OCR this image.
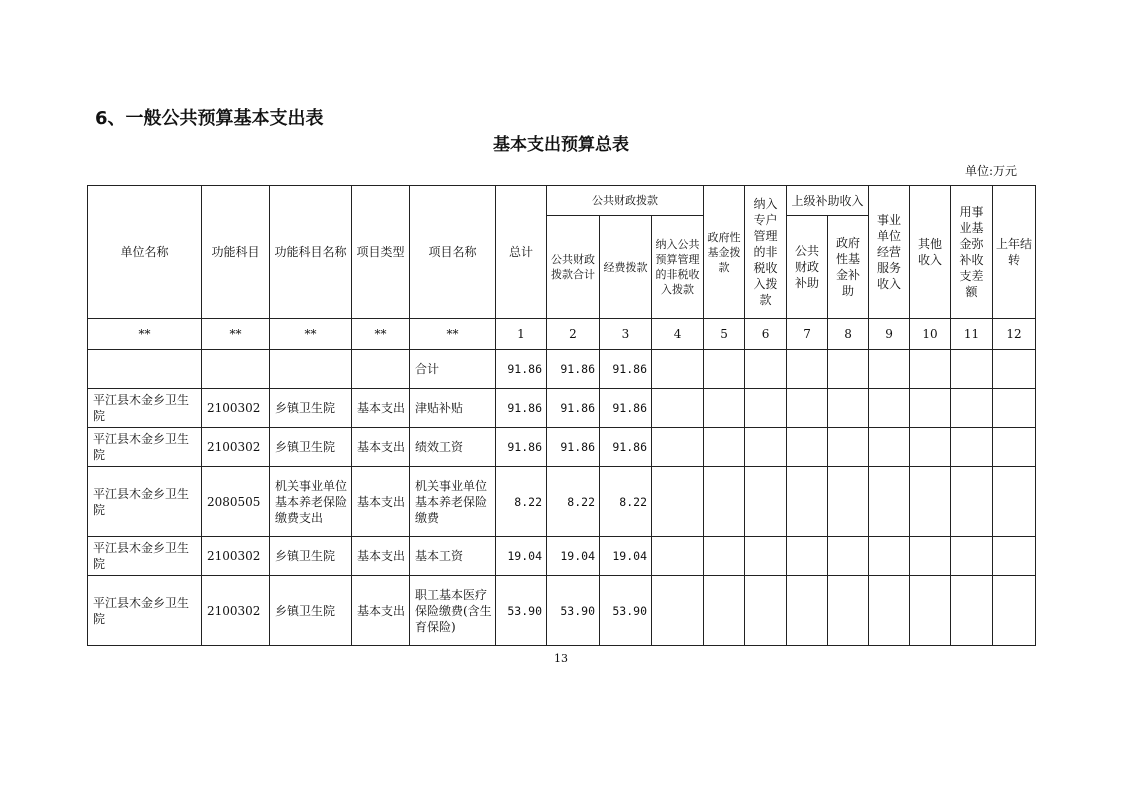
6、一般公共预算基本支出表
基本支出预算总表
单位:万元
单位名称	功能科目	功能科目名称	项目类型	项目名称	总计	公共财政拨款			政府性基金拨款	纳入专户管理的非税收入拨款	上级补助收入		事业单位经营服务收入	其他收入	用事业基金弥补收支差额	上年结转
						公共财政拨款合计	经费拨款	纳入公共预算管理的非税收入拨款			公共财政补助	政府性基金补助				
**	**	**	**	**	1	2	3	4	5	6	7	8	9	10	11	12
				合计	91.86	91.86	91.86									
平江县木金乡卫生院	2100302	乡镇卫生院	基本支出	津贴补贴	91.86	91.86	91.86									
平江县木金乡卫生院	2100302	乡镇卫生院	基本支出	绩效工资	91.86	91.86	91.86									
平江县木金乡卫生院	2080505	机关事业单位基本养老保险缴费支出	基本支出	机关事业单位基本养老保险缴费	8.22	8.22	8.22									
平江县木金乡卫生院	2100302	乡镇卫生院	基本支出	基本工资	19.04	19.04	19.04									
平江县木金乡卫生院	2100302	乡镇卫生院	基本支出	职工基本医疗保险缴费(含生育保险)	53.90	53.90	53.90									
13
